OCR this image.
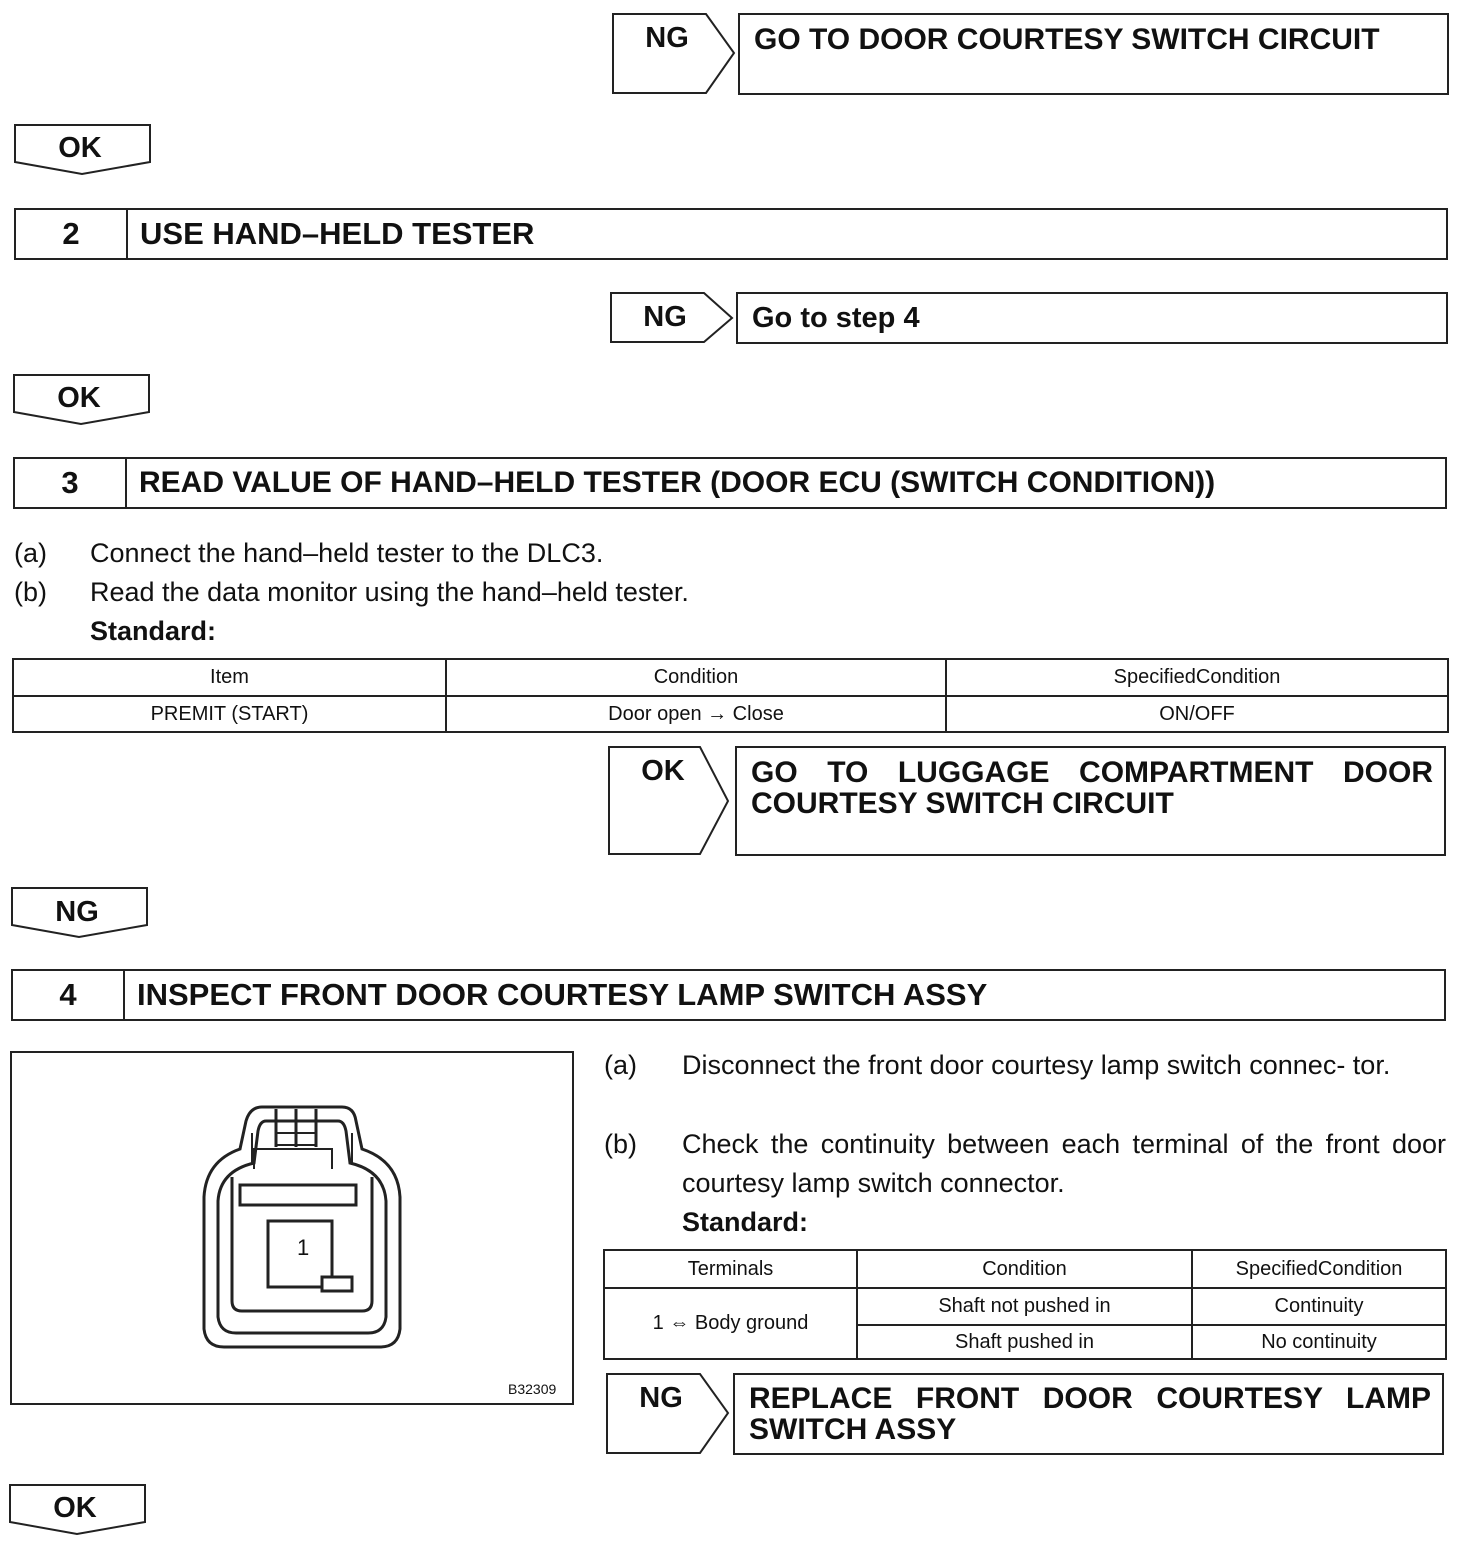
NG	GO TO DOOR COURTESY SWITCH CIRCUIT
OK
2	USE HAND–HELD TESTER
NG	Go to step 4
OK
3	READ VALUE OF HAND–HELD TESTER (DOOR ECU (SWITCH CONDITION))
(a) Connect the hand–held tester to the DLC3.
(b) Read the data monitor using the hand–held tester.
Standard:
Item	Condition	SpecifiedCondition
PREMIT (START)	Door open → Close	ON/OFF
OK	GO TO LUGGAGE COMPARTMENT DOOR COURTESY SWITCH CIRCUIT
NG
4	INSPECT FRONT DOOR COURTESY LAMP SWITCH ASSY
1
B32309
(a) Disconnect the front door courtesy lamp switch connec- tor.
(b) Check the continuity between each terminal of the front door courtesy lamp switch connector.
Standard:
Terminals	Condition	SpecifiedCondition
1 ⇔ Body ground	Shaft not pushed in	Continuity
	Shaft pushed in	No continuity
NG	REPLACE FRONT DOOR COURTESY LAMP SWITCH ASSY
OK
